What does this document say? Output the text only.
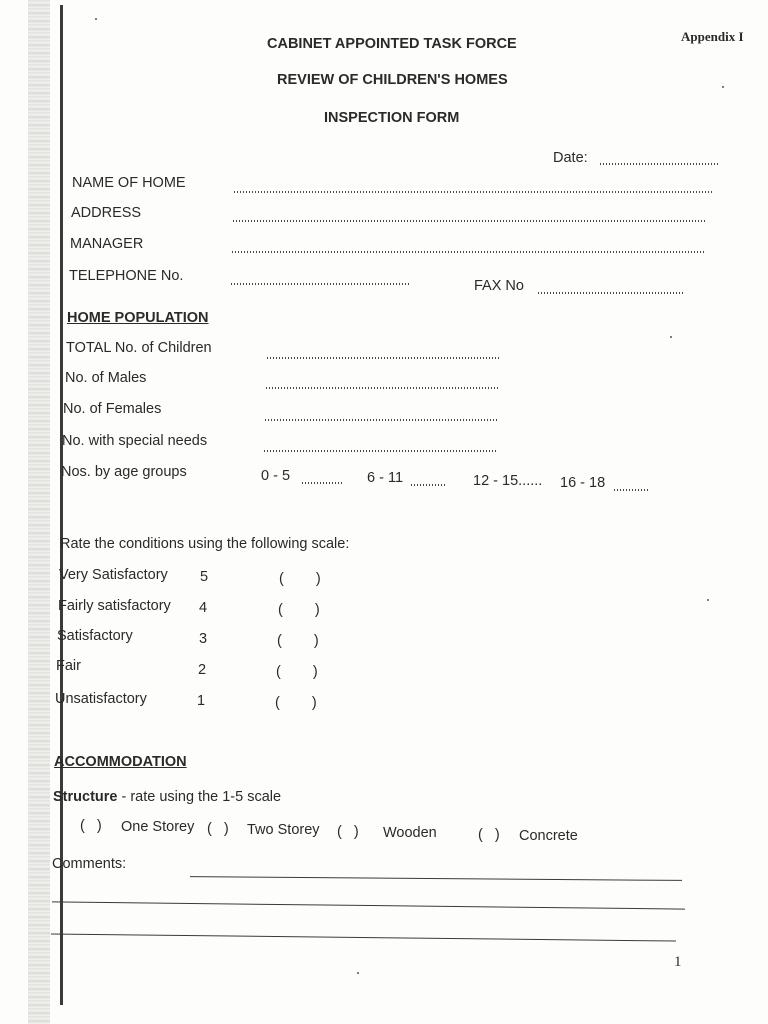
Appendix I
CABINET APPOINTED TASK FORCE
REVIEW OF CHILDREN'S HOMES
INSPECTION FORM
Date:
NAME OF HOME
ADDRESS
MANAGER
TELEPHONE No.
FAX No
HOME POPULATION
TOTAL No. of Children
No. of Males
No. of Females
No. with special needs
Nos. by age groups	0 - 5	6 - 11	12 - 15...... 16 - 18
Rate the conditions using the following scale:
Very Satisfactory 5	( )
Fairly satisfactory 4	( )
Satisfactory	3	( )
Fair	2	( )
Unsatisfactory	1	( )
ACCOMMODATION
Structure - rate using the 1-5 scale
( ) One Storey ( ) Two Storey ( ) Wooden	( ) Concrete
Comments:
1
